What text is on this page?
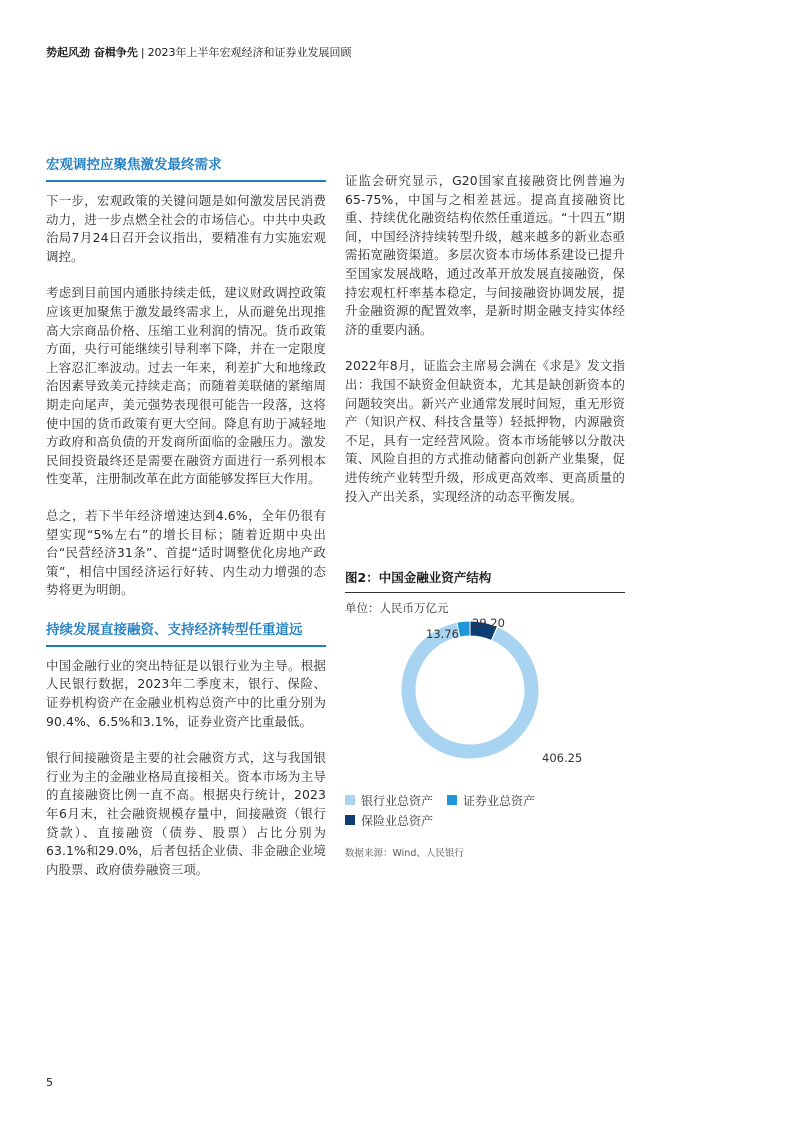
势起风劲 奋楫争先 | 2023年上半年宏观经济和证券业发展回顾
宏观调控应聚焦激发最终需求

下一步，宏观政策的关键问题是如何激发居民消费动力，进一步点燃全社会的市场信心。中共中央政治局7月24日召开会议指出，要精准有力实施宏观调控。

考虑到目前国内通胀持续走低，建议财政调控政策应该更加聚焦于激发最终需求上，从而避免出现推高大宗商品价格、压缩工业利润的情况。货币政策方面，央行可能继续引导利率下降，并在一定限度上容忍汇率波动。过去一年来，利差扩大和地缘政治因素导致美元持续走高；而随着美联储的紧缩周期走向尾声，美元强势表现很可能告一段落，这将使中国的货币政策有更大空间。降息有助于减轻地方政府和高负债的开发商所面临的金融压力。激发民间投资最终还是需要在融资方面进行一系列根本性变革，注册制改革在此方面能够发挥巨大作用。

总之，若下半年经济增速达到4.6%，全年仍很有望实现“5%左右”的增长目标；随着近期中央出台“民营经济31条”、首提“适时调整优化房地产政策”，相信中国经济运行好转、内生动力增强的态势将更为明朗。

持续发展直接融资、支持经济转型任重道远

中国金融行业的突出特征是以银行业为主导。根据人民银行数据，2023年二季度末，银行、保险、证券机构资产在金融业机构总资产中的比重分别为90.4%、6.5%和3.1%，证券业资产比重最低。

银行间接融资是主要的社会融资方式，这与我国银行业为主的金融业格局直接相关。资本市场为主导的直接融资比例一直不高。根据央行统计，2023年6月末，社会融资规模存量中，间接融资（银行贷款）、直接融资（债券、股票）占比分别为63.1%和29.0%，后者包括企业债、非金融企业境内股票、政府债券融资三项。

证监会研究显示，G20国家直接融资比例普遍为65-75%，中国与之相差甚远。提高直接融资比重、持续优化融资结构依然任重道远。“十四五”期间，中国经济持续转型升级，越来越多的新业态亟需拓宽融资渠道。多层次资本市场体系建设已提升至国家发展战略，通过改革开放发展直接融资，保持宏观杠杆率基本稳定，与间接融资协调发展，提升金融资源的配置效率，是新时期金融支持实体经济的重要内涵。

2022年8月，证监会主席易会满在《求是》发文指出：我国不缺资金但缺资本，尤其是缺创新资本的问题较突出。新兴产业通常发展时间短，重无形资产（知识产权、科技含量等）轻抵押物，内源融资不足，具有一定经营风险。资本市场能够以分散决策、风险自担的方式推动储蓄向创新产业集聚，促进传统产业转型升级，形成更高效率、更高质量的投入产出关系，实现经济的动态平衡发展。

图2：中国金融业资产结构
单位：人民币万亿元
406.25
13.76
29.20
银行业总资产	证券业总资产

保险业总资产
数据来源：Wind、人民银行
5
